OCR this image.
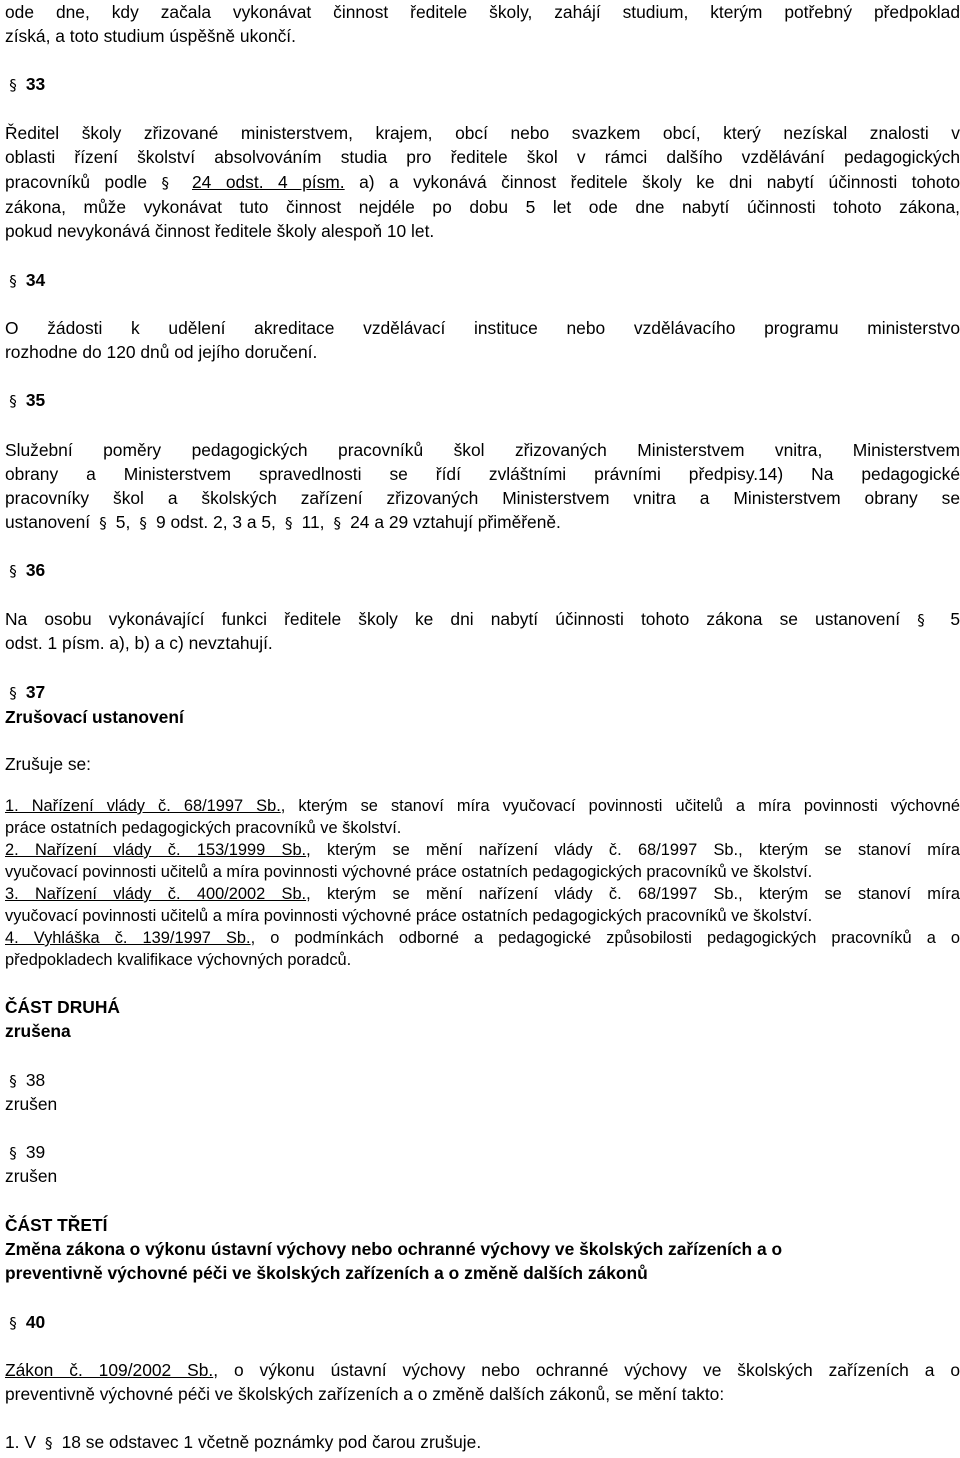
ode dne, kdy začala vykonávat činnost ředitele školy, zahájí studium, kterým potřebný předpoklad
získá, a toto studium úspěšně ukončí.
§ 33
Ředitel školy zřizované ministerstvem, krajem, obcí nebo svazkem obcí, který nezískal znalosti v
oblasti řízení školství absolvováním studia pro ředitele škol v rámci dalšího vzdělávání pedagogických
pracovníků podle § 24 odst. 4 písm. a) a vykonává činnost ředitele školy ke dni nabytí účinnosti tohoto
zákona, může vykonávat tuto činnost nejdéle po dobu 5 let ode dne nabytí účinnosti tohoto zákona,
pokud nevykonává činnost ředitele školy alespoň 10 let.
§ 34
O žádosti k udělení akreditace vzdělávací instituce nebo vzdělávacího programu ministerstvo
rozhodne do 120 dnů od jejího doručení.
§ 35
Služební poměry pedagogických pracovníků škol zřizovaných Ministerstvem vnitra, Ministerstvem
obrany a Ministerstvem spravedlnosti se řídí zvláštními právními předpisy.14) Na pedagogické
pracovníky škol a školských zařízení zřizovaných Ministerstvem vnitra a Ministerstvem obrany se
ustanovení § 5, § 9 odst. 2, 3 a 5, § 11, § 24 a 29 vztahují přiměřeně.
§ 36
Na osobu vykonávající funkci ředitele školy ke dni nabytí účinnosti tohoto zákona se ustanovení § 5
odst. 1 písm. a), b) a c) nevztahují.
§ 37
Zrušovací ustanovení
Zrušuje se:
1. Nařízení vlády č. 68/1997 Sb., kterým se stanoví míra vyučovací povinnosti učitelů a míra povinnosti výchovné
práce ostatních pedagogických pracovníků ve školství.
2. Nařízení vlády č. 153/1999 Sb., kterým se mění nařízení vlády č. 68/1997 Sb., kterým se stanoví míra
vyučovací povinnosti učitelů a míra povinnosti výchovné práce ostatních pedagogických pracovníků ve školství.
3. Nařízení vlády č. 400/2002 Sb., kterým se mění nařízení vlády č. 68/1997 Sb., kterým se stanoví míra
vyučovací povinnosti učitelů a míra povinnosti výchovné práce ostatních pedagogických pracovníků ve školství.
4. Vyhláška č. 139/1997 Sb., o podmínkách odborné a pedagogické způsobilosti pedagogických pracovníků a o
předpokladech kvalifikace výchovných poradců.
ČÁST DRUHÁ
zrušena
§ 38
zrušen
§ 39
zrušen
ČÁST TŘETÍ
Změna zákona o výkonu ústavní výchovy nebo ochranné výchovy ve školských zařízeních a o
preventivně výchovné péči ve školských zařízeních a o změně dalších zákonů
§ 40
Zákon č. 109/2002 Sb., o výkonu ústavní výchovy nebo ochranné výchovy ve školských zařízeních a o
preventivně výchovné péči ve školských zařízeních a o změně dalších zákonů, se mění takto:
1. V § 18 se odstavec 1 včetně poznámky pod čarou zrušuje.
